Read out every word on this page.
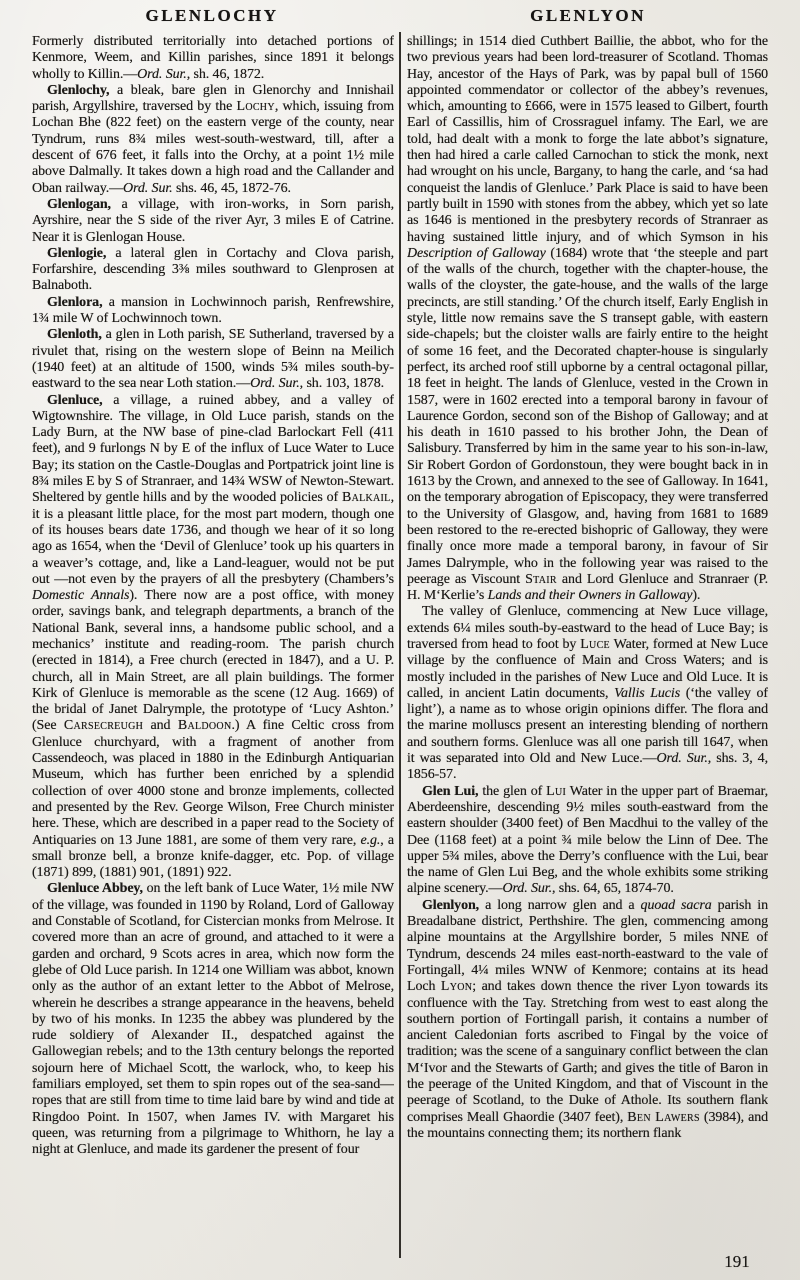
GLENLOCHY	GLENLYON

Formerly distributed territorially into detached portions of Kenmore, Weem, and Killin parishes, since 1891 it belongs wholly to Killin.—Ord. Sur., sh. 46, 1872.

Glenlochy, a bleak, bare glen in Glenorchy and Innishail parish, Argyllshire, traversed by the Lochy, which, issuing from Lochan Bhe (822 feet) on the eastern verge of the county, near Tyndrum, runs 8¾ miles west-south-westward, till, after a descent of 676 feet, it falls into the Orchy, at a point 1½ mile above Dalmally. It takes down a high road and the Callander and Oban railway.—Ord. Sur. shs. 46, 45, 1872-76.

Glenlogan, a village, with iron-works, in Sorn parish, Ayrshire, near the S side of the river Ayr, 3 miles E of Catrine. Near it is Glenlogan House.

Glenlogie, a lateral glen in Cortachy and Clova parish, Forfarshire, descending 3⅜ miles southward to Glenprosen at Balnaboth.

Glenlora, a mansion in Lochwinnoch parish, Renfrewshire, 1¾ mile W of Lochwinnoch town.

Glenloth, a glen in Loth parish, SE Sutherland, traversed by a rivulet that, rising on the western slope of Beinn na Meilich (1940 feet) at an altitude of 1500, winds 5¾ miles south-by-eastward to the sea near Loth station.—Ord. Sur., sh. 103, 1878.

Glenluce, a village, a ruined abbey, and a valley of Wigtownshire. The village, in Old Luce parish, stands on the Lady Burn, at the NW base of pine-clad Barlockart Fell (411 feet), and 9 furlongs N by E of the influx of Luce Water to Luce Bay; its station on the Castle-Douglas and Portpatrick joint line is 8¾ miles E by S of Stranraer, and 14¾ WSW of Newton-Stewart. Sheltered by gentle hills and by the wooded policies of Balkail, it is a pleasant little place, for the most part modern, though one of its houses bears date 1736, and though we hear of it so long ago as 1654, when the ‘Devil of Glenluce’ took up his quarters in a weaver’s cottage, and, like a Land-leaguer, would not be put out —not even by the prayers of all the presbytery (Chambers’s Domestic Annals). There now are a post office, with money order, savings bank, and telegraph departments, a branch of the National Bank, several inns, a handsome public school, and a mechanics’ institute and reading-room. The parish church (erected in 1814), a Free church (erected in 1847), and a U. P. church, all in Main Street, are all plain buildings. The former Kirk of Glenluce is memorable as the scene (12 Aug. 1669) of the bridal of Janet Dalrymple, the prototype of ‘Lucy Ashton.’ (See Carsecreugh and Baldoon.) A fine Celtic cross from Glenluce churchyard, with a fragment of another from Cassendeoch, was placed in 1880 in the Edinburgh Antiquarian Museum, which has further been enriched by a splendid collection of over 4000 stone and bronze implements, collected and presented by the Rev. George Wilson, Free Church minister here. These, which are described in a paper read to the Society of Antiquaries on 13 June 1881, are some of them very rare, e.g., a small bronze bell, a bronze knife-dagger, etc. Pop. of village (1871) 899, (1881) 901, (1891) 922.

Glenluce Abbey, on the left bank of Luce Water, 1½ mile NW of the village, was founded in 1190 by Roland, Lord of Galloway and Constable of Scotland, for Cistercian monks from Melrose. It covered more than an acre of ground, and attached to it were a garden and orchard, 9 Scots acres in area, which now form the glebe of Old Luce parish. In 1214 one William was abbot, known only as the author of an extant letter to the Abbot of Melrose, wherein he describes a strange appearance in the heavens, beheld by two of his monks. In 1235 the abbey was plundered by the rude soldiery of Alexander II., despatched against the Gallowegian rebels; and to the 13th century belongs the reported sojourn here of Michael Scott, the warlock, who, to keep his familiars employed, set them to spin ropes out of the sea-sand—ropes that are still from time to time laid bare by wind and tide at Ringdoo Point. In 1507, when James IV. with Margaret his queen, was returning from a pilgrimage to Whithorn, he lay a night at Glenluce, and made its gardener the present of four

shillings; in 1514 died Cuthbert Baillie, the abbot, who for the two previous years had been lord-treasurer of Scotland. Thomas Hay, ancestor of the Hays of Park, was by papal bull of 1560 appointed commendator or collector of the abbey’s revenues, which, amounting to £666, were in 1575 leased to Gilbert, fourth Earl of Cassillis, him of Crossraguel infamy. The Earl, we are told, had dealt with a monk to forge the late abbot’s signature, then had hired a carle called Carnochan to stick the monk, next had wrought on his uncle, Bargany, to hang the carle, and ‘sa had conqueist the landis of Glenluce.’ Park Place is said to have been partly built in 1590 with stones from the abbey, which yet so late as 1646 is mentioned in the presbytery records of Stranraer as having sustained little injury, and of which Symson in his Description of Galloway (1684) wrote that ‘the steeple and part of the walls of the church, together with the chapter-house, the walls of the cloyster, the gate-house, and the walls of the large precincts, are still standing.’ Of the church itself, Early English in style, little now remains save the S transept gable, with eastern side-chapels; but the cloister walls are fairly entire to the height of some 16 feet, and the Decorated chapter-house is singularly perfect, its arched roof still upborne by a central octagonal pillar, 18 feet in height. The lands of Glenluce, vested in the Crown in 1587, were in 1602 erected into a temporal barony in favour of Laurence Gordon, second son of the Bishop of Galloway; and at his death in 1610 passed to his brother John, the Dean of Salisbury. Transferred by him in the same year to his son-in-law, Sir Robert Gordon of Gordonstoun, they were bought back in in 1613 by the Crown, and annexed to the see of Galloway. In 1641, on the temporary abrogation of Episcopacy, they were transferred to the University of Glasgow, and, having from 1681 to 1689 been restored to the re-erected bishopric of Galloway, they were finally once more made a temporal barony, in favour of Sir James Dalrymple, who in the following year was raised to the peerage as Viscount Stair and Lord Glenluce and Stranraer (P. H. M‘Kerlie’s Lands and their Owners in Galloway).

The valley of Glenluce, commencing at New Luce village, extends 6¼ miles south-by-eastward to the head of Luce Bay; is traversed from head to foot by Luce Water, formed at New Luce village by the confluence of Main and Cross Waters; and is mostly included in the parishes of New Luce and Old Luce. It is called, in ancient Latin documents, Vallis Lucis (‘the valley of light’), a name as to whose origin opinions differ. The flora and the marine molluscs present an interesting blending of northern and southern forms. Glenluce was all one parish till 1647, when it was separated into Old and New Luce.—Ord. Sur., shs. 3, 4, 1856-57.

Glen Lui, the glen of Lui Water in the upper part of Braemar, Aberdeenshire, descending 9½ miles south-eastward from the eastern shoulder (3400 feet) of Ben Macdhui to the valley of the Dee (1168 feet) at a point ¾ mile below the Linn of Dee. The upper 5¾ miles, above the Derry’s confluence with the Lui, bear the name of Glen Lui Beg, and the whole exhibits some striking alpine scenery.—Ord. Sur., shs. 64, 65, 1874-70.

Glenlyon, a long narrow glen and a quoad sacra parish in Breadalbane district, Perthshire. The glen, commencing among alpine mountains at the Argyllshire border, 5 miles NNE of Tyndrum, descends 24 miles east-north-eastward to the vale of Fortingall, 4¼ miles WNW of Kenmore; contains at its head Loch Lyon; and takes down thence the river Lyon towards its confluence with the Tay. Stretching from west to east along the southern portion of Fortingall parish, it contains a number of ancient Caledonian forts ascribed to Fingal by the voice of tradition; was the scene of a sanguinary conflict between the clan M‘Ivor and the Stewarts of Garth; and gives the title of Baron in the peerage of the United Kingdom, and that of Viscount in the peerage of Scotland, to the Duke of Athole. Its southern flank comprises Meall Ghaordie (3407 feet), Ben Lawers (3984), and the mountains connecting them; its northern flank

191
